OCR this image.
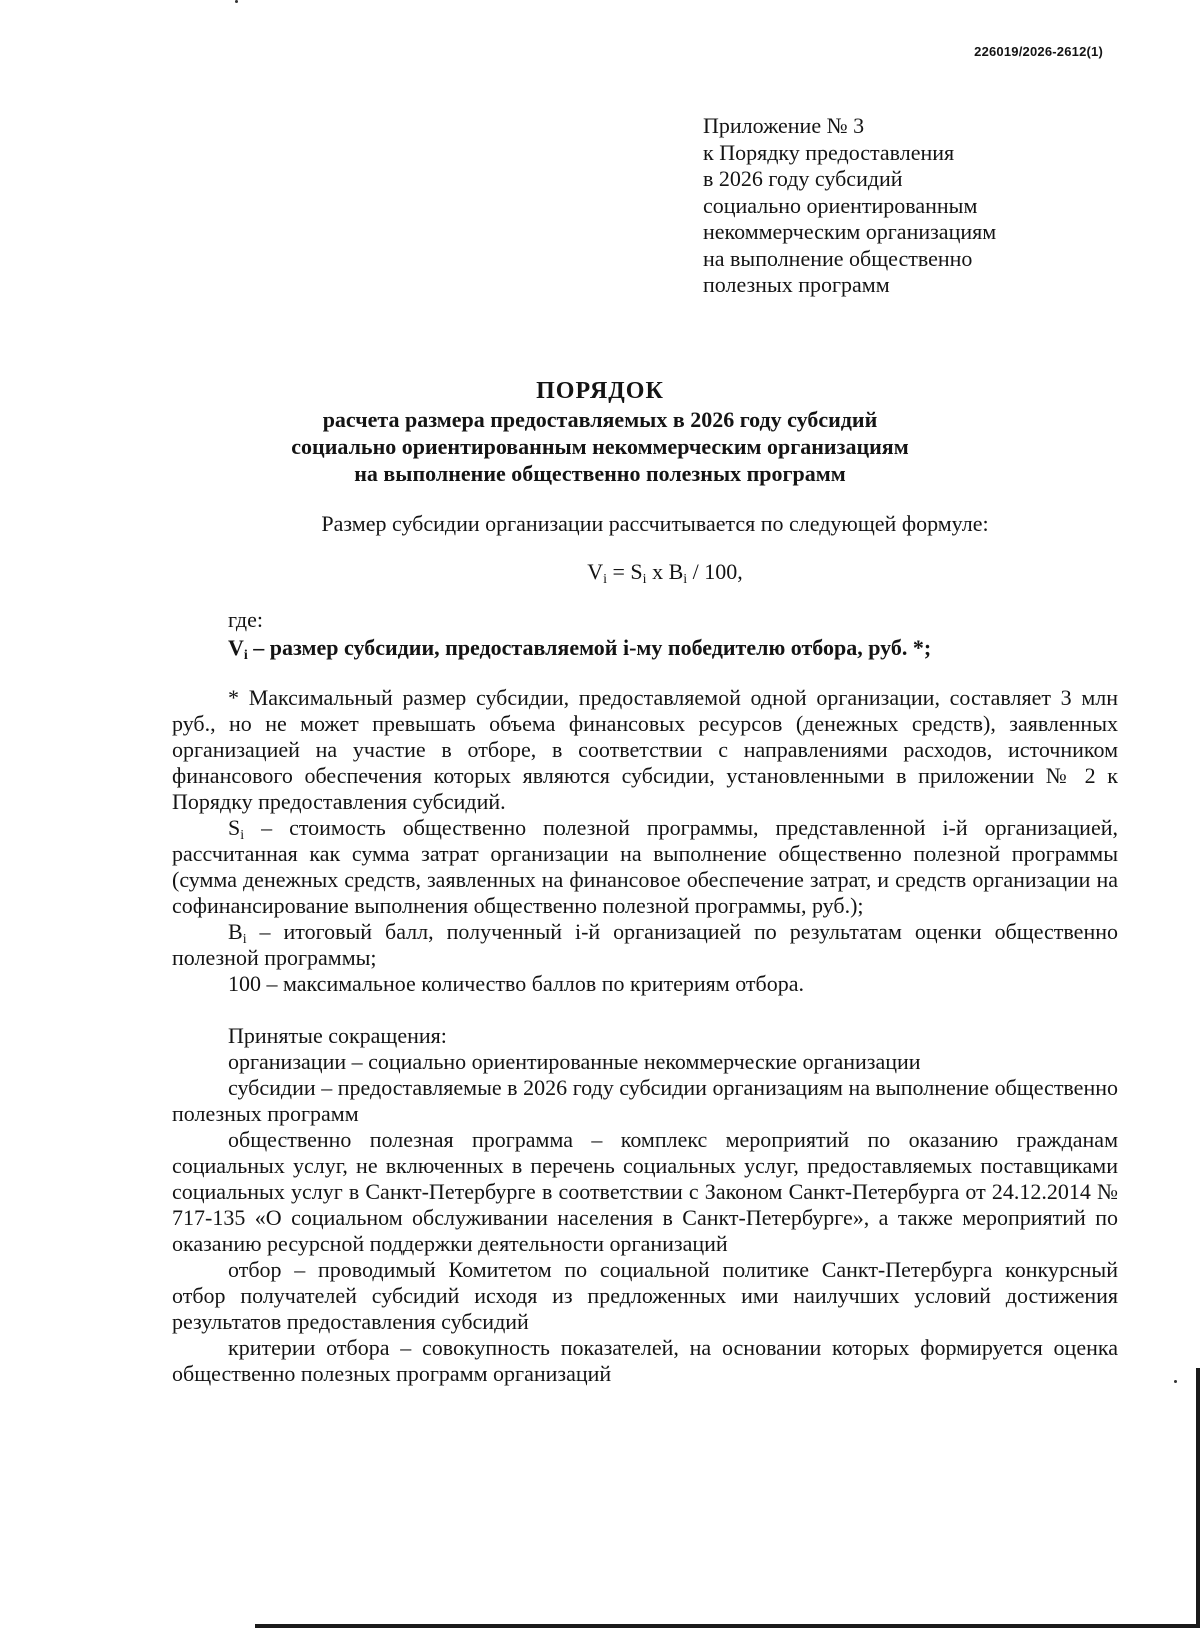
226019/2026-2612(1)
Приложение № 3
к Порядку предоставления
в 2026 году субсидий
социально ориентированным
некоммерческим организациям
на выполнение общественно
полезных программ
ПОРЯДОК
расчета размера предоставляемых в 2026 году субсидий
социально ориентированным некоммерческим организациям
на выполнение общественно полезных программ

Размер субсидии организации рассчитывается по следующей формуле:

$V_i = S_i$ x $B_i / 100$,

где:

$V_i$ – размер субсидии, предоставляемой i-му победителю отбора, руб. *;

* Максимальный размер субсидии, предоставляемой одной организации, составляет 3 млн руб., но не может превышать объема финансовых ресурсов (денежных средств), заявленных организацией на участие в отборе, в соответствии с направлениями расходов, источником финансового обеспечения которых являются субсидии, установленными в приложении № 2 к Порядку предоставления субсидий.

$S_i$ – стоимость общественно полезной программы, представленной i-й организацией, рассчитанная как сумма затрат организации на выполнение общественно полезной программы (сумма денежных средств, заявленных на финансовое обеспечение затрат, и средств организации на софинансирование выполнения общественно полезной программы, руб.);

$B_i$ – итоговый балл, полученный i-й организацией по результатам оценки общественно полезной программы;

100 – максимальное количество баллов по критериям отбора.

Принятые сокращения:

организации – социально ориентированные некоммерческие организации

субсидии – предоставляемые в 2026 году субсидии организациям на выполнение общественно полезных программ

общественно полезная программа – комплекс мероприятий по оказанию гражданам социальных услуг, не включенных в перечень социальных услуг, предоставляемых поставщиками социальных услуг в Санкт-Петербурге в соответствии с Законом Санкт-Петербурга от 24.12.2014 № 717-135 «О социальном обслуживании населения в Санкт-Петербурге», а также мероприятий по оказанию ресурсной поддержки деятельности организаций

отбор – проводимый Комитетом по социальной политике Санкт-Петербурга конкурсный отбор получателей субсидий исходя из предложенных ими наилучших условий достижения результатов предоставления субсидий

критерии отбора – совокупность показателей, на основании которых формируется оценка общественно полезных программ организаций
